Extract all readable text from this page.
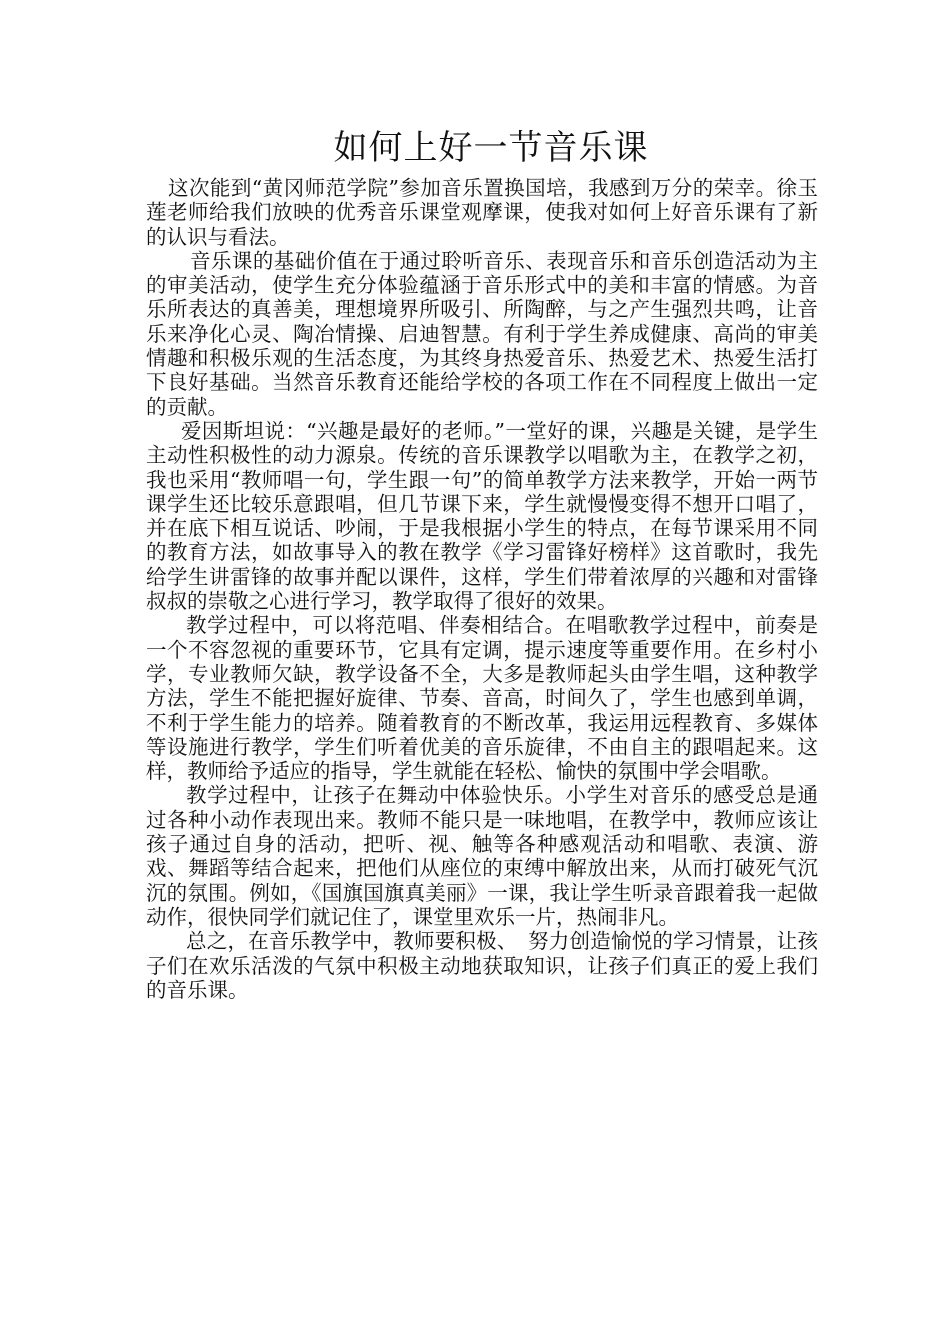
如何上好一节音乐课

这次能到“黄冈师范学院”参加音乐置换国培，我感到万分的荣幸。徐玉莲老师给我们放映的优秀音乐课堂观摩课，使我对如何上好音乐课有了新的认识与看法。

音乐课的基础价值在于通过聆听音乐、表现音乐和音乐创造活动为主的审美活动，使学生充分体验蕴涵于音乐形式中的美和丰富的情感。为音乐所表达的真善美，理想境界所吸引、所陶醉，与之产生强烈共鸣，让音乐来净化心灵、陶冶情操、启迪智慧。有利于学生养成健康、高尚的审美情趣和积极乐观的生活态度，为其终身热爱音乐、热爱艺术、热爱生活打下良好基础。当然音乐教育还能给学校的各项工作在不同程度上做出一定的贡献。

爱因斯坦说：“兴趣是最好的老师。”一堂好的课，兴趣是关键，是学生主动性积极性的动力源泉。传统的音乐课教学以唱歌为主，在教学之初，我也采用“教师唱一句，学生跟一句”的简单教学方法来教学，开始一两节课学生还比较乐意跟唱，但几节课下来，学生就慢慢变得不想开口唱了，并在底下相互说话、吵闹，于是我根据小学生的特点，在每节课采用不同的教育方法，如故事导入的教在教学《学习雷锋好榜样》这首歌时，我先给学生讲雷锋的故事并配以课件，这样，学生们带着浓厚的兴趣和对雷锋叔叔的崇敬之心进行学习，教学取得了很好的效果。

教学过程中，可以将范唱、伴奏相结合。在唱歌教学过程中，前奏是一个不容忽视的重要环节，它具有定调，提示速度等重要作用。在乡村小学，专业教师欠缺，教学设备不全，大多是教师起头由学生唱，这种教学方法，学生不能把握好旋律、节奏、音高，时间久了，学生也感到单调，不利于学生能力的培养。随着教育的不断改革，我运用远程教育、多媒体等设施进行教学，学生们听着优美的音乐旋律，不由自主的跟唱起来。这样，教师给予适应的指导，学生就能在轻松、愉快的氛围中学会唱歌。

教学过程中，让孩子在舞动中体验快乐。小学生对音乐的感受总是通过各种小动作表现出来。教师不能只是一味地唱，在教学中，教师应该让孩子通过自身的活动，把听、视、触等各种感观活动和唱歌、表演、游戏、舞蹈等结合起来，把他们从座位的束缚中解放出来，从而打破死气沉沉的氛围。例如，《国旗国旗真美丽》一课，我让学生听录音跟着我一起做动作，很快同学们就记住了，课堂里欢乐一片，热闹非凡。

总之，在音乐教学中，教师要积极、　努力创造愉悦的学习情景，让孩子们在欢乐活泼的气氛中积极主动地获取知识，让孩子们真正的爱上我们的音乐课。
